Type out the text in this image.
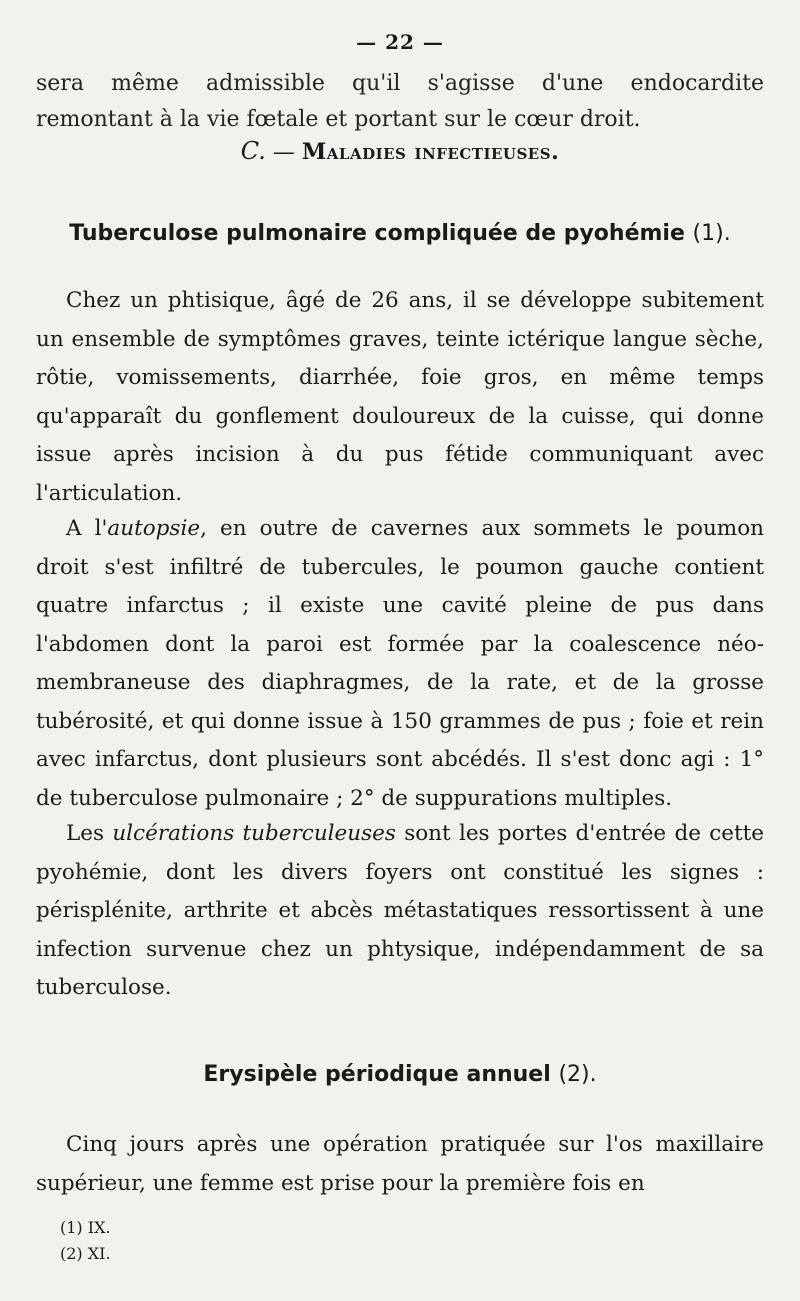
— 22 —
sera même admissible qu'il s'agisse d'une endocardite remontant à la vie fœtale et portant sur le cœur droit.
C. — Maladies infectieuses.
Tuberculose pulmonaire compliquée de pyohémie (1).
Chez un phtisique, âgé de 26 ans, il se développe subitement un ensemble de symptômes graves, teinte ictérique langue sèche, rôtie, vomissements, diarrhée, foie gros, en même temps qu'apparaît du gonflement douloureux de la cuisse, qui donne issue après incision à du pus fétide communiquant avec l'articulation.
A l'autopsie, en outre de cavernes aux sommets le poumon droit s'est infiltré de tubercules, le poumon gauche contient quatre infarctus ; il existe une cavité pleine de pus dans l'abdomen dont la paroi est formée par la coalescence néo-membraneuse des diaphragmes, de la rate, et de la grosse tubérosité, et qui donne issue à 150 grammes de pus ; foie et rein avec infarctus, dont plusieurs sont abcédés. Il s'est donc agi : 1° de tuberculose pulmonaire ; 2° de suppurations multiples.
Les ulcérations tuberculeuses sont les portes d'entrée de cette pyohémie, dont les divers foyers ont constitué les signes : périsplénite, arthrite et abcès métastatiques ressortissent à une infection survenue chez un phtysique, indépendamment de sa tuberculose.
Erysipèle périodique annuel (2).
Cinq jours après une opération pratiquée sur l'os maxillaire supérieur, une femme est prise pour la première fois en
(1) IX.
(2) XI.
